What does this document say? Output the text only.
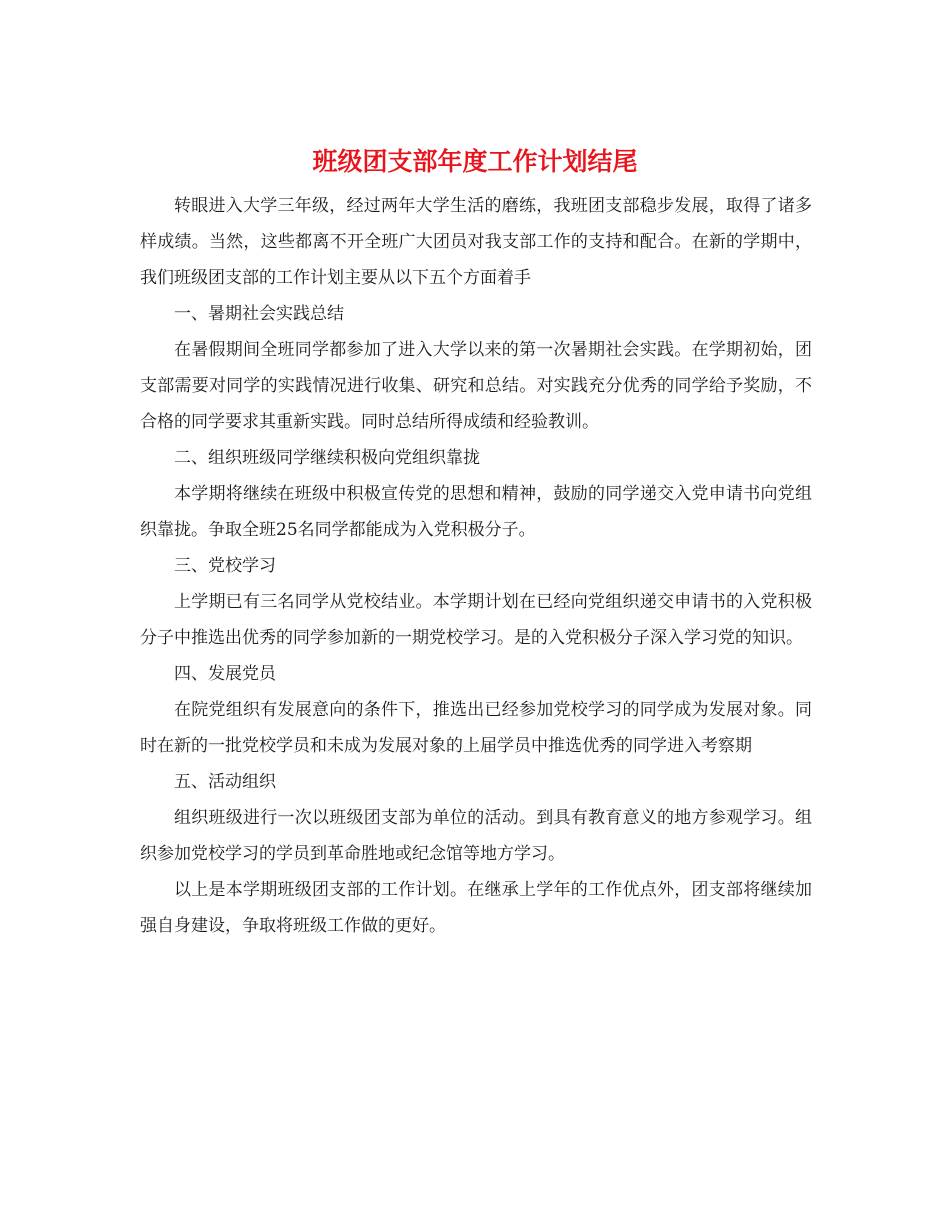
班级团支部年度工作计划结尾

转眼进入大学三年级，经过两年大学生活的磨练，我班团支部稳步发展，取得了诸多样成绩。当然，这些都离不开全班广大团员对我支部工作的支持和配合。在新的学期中，我们班级团支部的工作计划主要从以下五个方面着手

一、暑期社会实践总结

在暑假期间全班同学都参加了进入大学以来的第一次暑期社会实践。在学期初始，团支部需要对同学的实践情况进行收集、研究和总结。对实践充分优秀的同学给予奖励，不合格的同学要求其重新实践。同时总结所得成绩和经验教训。

二、组织班级同学继续积极向党组织靠拢

本学期将继续在班级中积极宣传党的思想和精神，鼓励的同学递交入党申请书向党组织靠拢。争取全班25名同学都能成为入党积极分子。

三、党校学习

上学期已有三名同学从党校结业。本学期计划在已经向党组织递交申请书的入党积极分子中推选出优秀的同学参加新的一期党校学习。是的入党积极分子深入学习党的知识。

四、发展党员

在院党组织有发展意向的条件下，推选出已经参加党校学习的同学成为发展对象。同时在新的一批党校学员和未成为发展对象的上届学员中推选优秀的同学进入考察期

五、活动组织

组织班级进行一次以班级团支部为单位的活动。到具有教育意义的地方参观学习。组织参加党校学习的学员到革命胜地或纪念馆等地方学习。

以上是本学期班级团支部的工作计划。在继承上学年的工作优点外，团支部将继续加强自身建设，争取将班级工作做的更好。
